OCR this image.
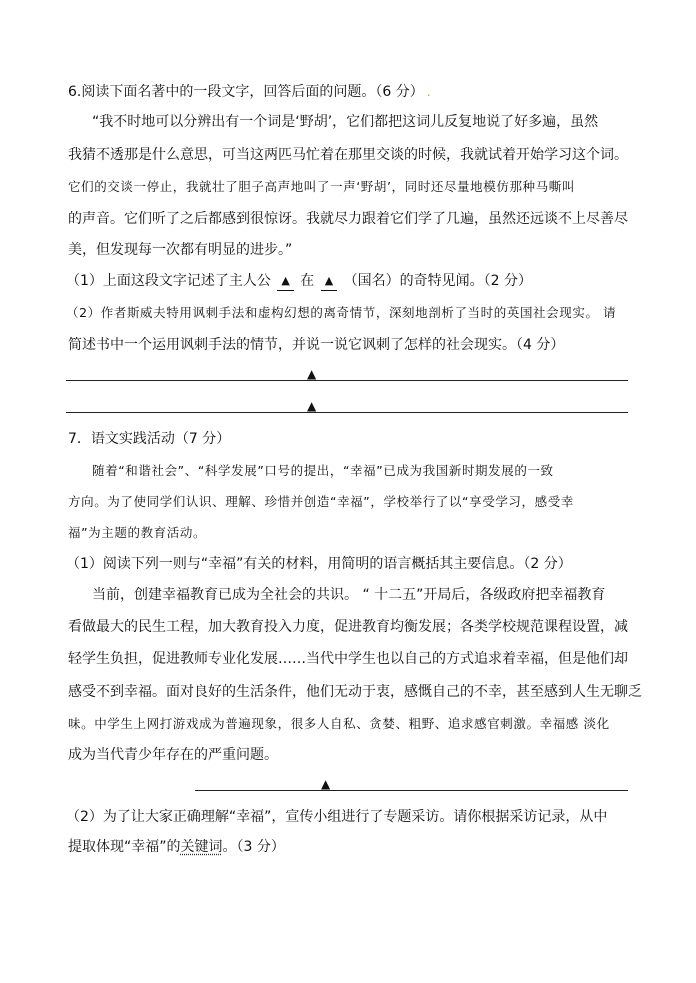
6.阅读下面名著中的一段文字，回答后面的问题。（6 分） .
“我不时地可以分辨出有一个词是‘野胡’，它们都把这词儿反复地说了好多遍，虽然
我猜不透那是什么意思，可当这两匹马忙着在那里交谈的时候，我就试着开始学习这个词。
它们的交谈一停止，我就壮了胆子高声地叫了一声‘野胡’，同时还尽量地模仿那种马嘶叫
的声音。它们听了之后都感到很惊讶。我就尽力跟着它们学了几遍，虽然还远谈不上尽善尽
美，但发现每一次都有明显的进步。”
（1）上面这段文字记述了主人公 ▲ 在 ▲ （国名）的奇特见闻。（2 分）
（2）作者斯威夫特用讽刺手法和虚构幻想的离奇情节，深刻地剖析了当时的英国社会现实。 请
简述书中一个运用讽刺手法的情节，并说一说它讽刺了怎样的社会现实。（4 分）
▲
▲
7．语文实践活动（7 分）
随着“和谐社会”、“科学发展”口号的提出，“幸福”已成为我国新时期发展的一致
方向。为了使同学们认识、理解、珍惜并创造“幸福”，学校举行了以“享受学习，感受幸
福”为主题的教育活动。
（1）阅读下列一则与“幸福”有关的材料，用简明的语言概括其主要信息。（2 分）
当前，创建幸福教育已成为全社会的共识。 “ 十二五”开局后，各级政府把幸福教育
看做最大的民生工程，加大教育投入力度，促进教育均衡发展；各类学校规范课程设置，减
轻学生负担，促进教师专业化发展……当代中学生也以自己的方式追求着幸福，但是他们却
感受不到幸福。面对良好的生活条件，他们无动于衷，感慨自己的不幸，甚至感到人生无聊乏
味。中学生上网打游戏成为普遍现象，很多人自私、贪婪、粗野、追求感官刺激。幸福感 淡化
成为当代青少年存在的严重问题。
▲
（2）为了让大家正确理解“幸福”，宣传小组进行了专题采访。请你根据采访记录，从中
提取体现“幸福”的关键词。（3 分）
